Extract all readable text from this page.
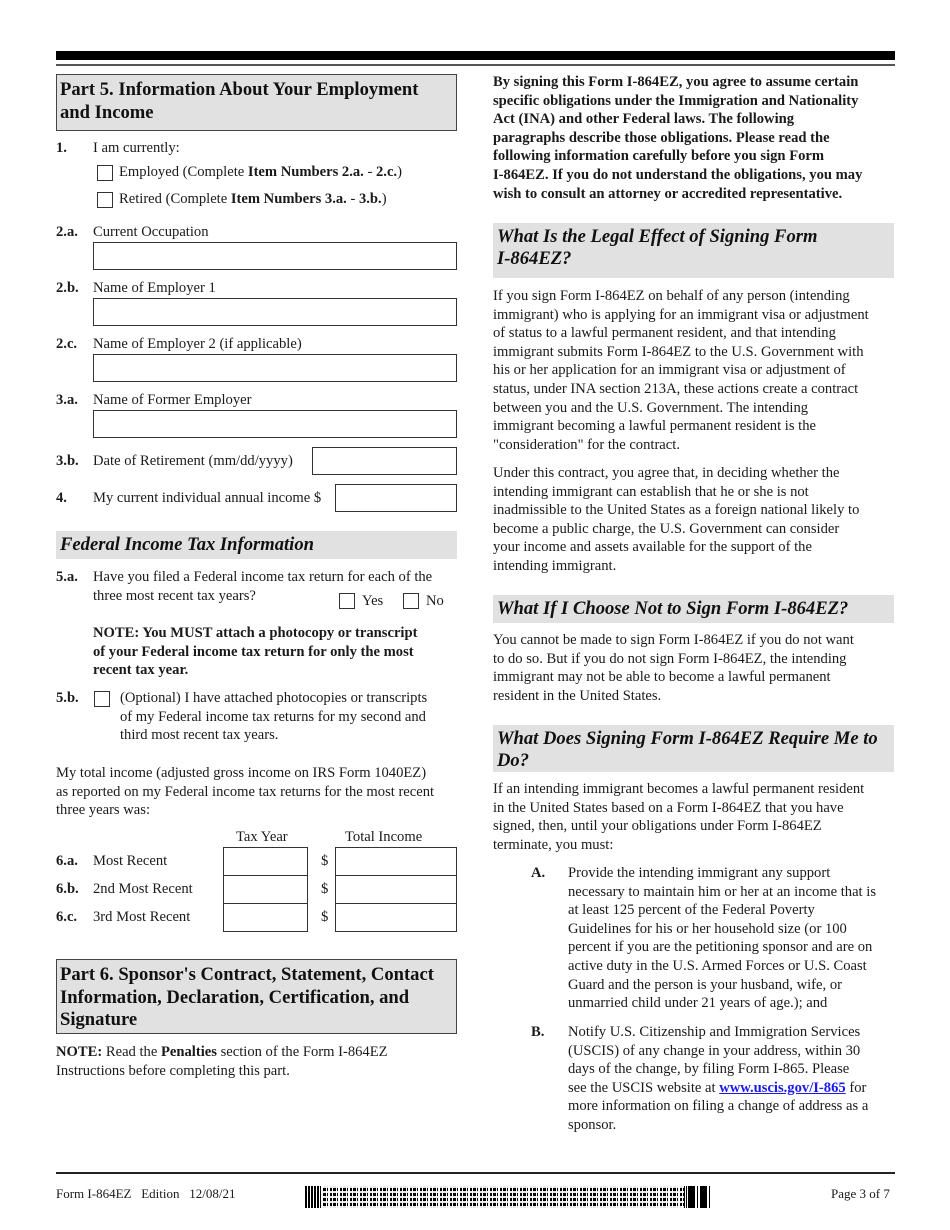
Part 5. Information About Your Employment
and Income
1. I am currently:
Employed (Complete Item Numbers 2.a. - 2.c.)
Retired (Complete Item Numbers 3.a. - 3.b.)
2.a. Current Occupation
2.b. Name of Employer 1
2.c. Name of Employer 2 (if applicable)
3.a. Name of Former Employer
3.b. Date of Retirement (mm/dd/yyyy)
4. My current individual annual income $
Federal Income Tax Information
5.a. Have you filed a Federal income tax return for each of the
three most recent tax years?	Yes	No
NOTE: You MUST attach a photocopy or transcript
of your Federal income tax return for only the most
recent tax year.
5.b.	(Optional) I have attached photocopies or transcripts
of my Federal income tax returns for my second and
third most recent tax years.
My total income (adjusted gross income on IRS Form 1040EZ)
as reported on my Federal income tax returns for the most recent
three years was:
Tax Year	Total Income
6.a. Most Recent	$
6.b. 2nd Most Recent	$
6.c. 3rd Most Recent	$
Part 6. Sponsor's Contract, Statement, Contact
Information, Declaration, Certification, and
Signature
NOTE: Read the Penalties section of the Form I-864EZ
Instructions before completing this part.
By signing this Form I-864EZ, you agree to assume certain
specific obligations under the Immigration and Nationality
Act (INA) and other Federal laws. The following
paragraphs describe those obligations. Please read the
following information carefully before you sign Form
I-864EZ. If you do not understand the obligations, you may
wish to consult an attorney or accredited representative.
What Is the Legal Effect of Signing Form
I-864EZ?
If you sign Form I-864EZ on behalf of any person (intending
immigrant) who is applying for an immigrant visa or adjustment
of status to a lawful permanent resident, and that intending
immigrant submits Form I-864EZ to the U.S. Government with
his or her application for an immigrant visa or adjustment of
status, under INA section 213A, these actions create a contract
between you and the U.S. Government. The intending
immigrant becoming a lawful permanent resident is the
"consideration" for the contract.
Under this contract, you agree that, in deciding whether the
intending immigrant can establish that he or she is not
inadmissible to the United States as a foreign national likely to
become a public charge, the U.S. Government can consider
your income and assets available for the support of the
intending immigrant.
What If I Choose Not to Sign Form I-864EZ?
You cannot be made to sign Form I-864EZ if you do not want
to do so. But if you do not sign Form I-864EZ, the intending
immigrant may not be able to become a lawful permanent
resident in the United States.
What Does Signing Form I-864EZ Require Me to
Do?
If an intending immigrant becomes a lawful permanent resident
in the United States based on a Form I-864EZ that you have
signed, then, until your obligations under Form I-864EZ
terminate, you must:
A. Provide the intending immigrant any support
necessary to maintain him or her at an income that is
at least 125 percent of the Federal Poverty
Guidelines for his or her household size (or 100
percent if you are the petitioning sponsor and are on
active duty in the U.S. Armed Forces or U.S. Coast
Guard and the person is your husband, wife, or
unmarried child under 21 years of age.); and
B. Notify U.S. Citizenship and Immigration Services
(USCIS) of any change in your address, within 30
days of the change, by filing Form I-865. Please
see the USCIS website at www.uscis.gov/I-865 for
more information on filing a change of address as a
sponsor.
Form I-864EZ   Edition   12/08/21	Page 3 of 7
